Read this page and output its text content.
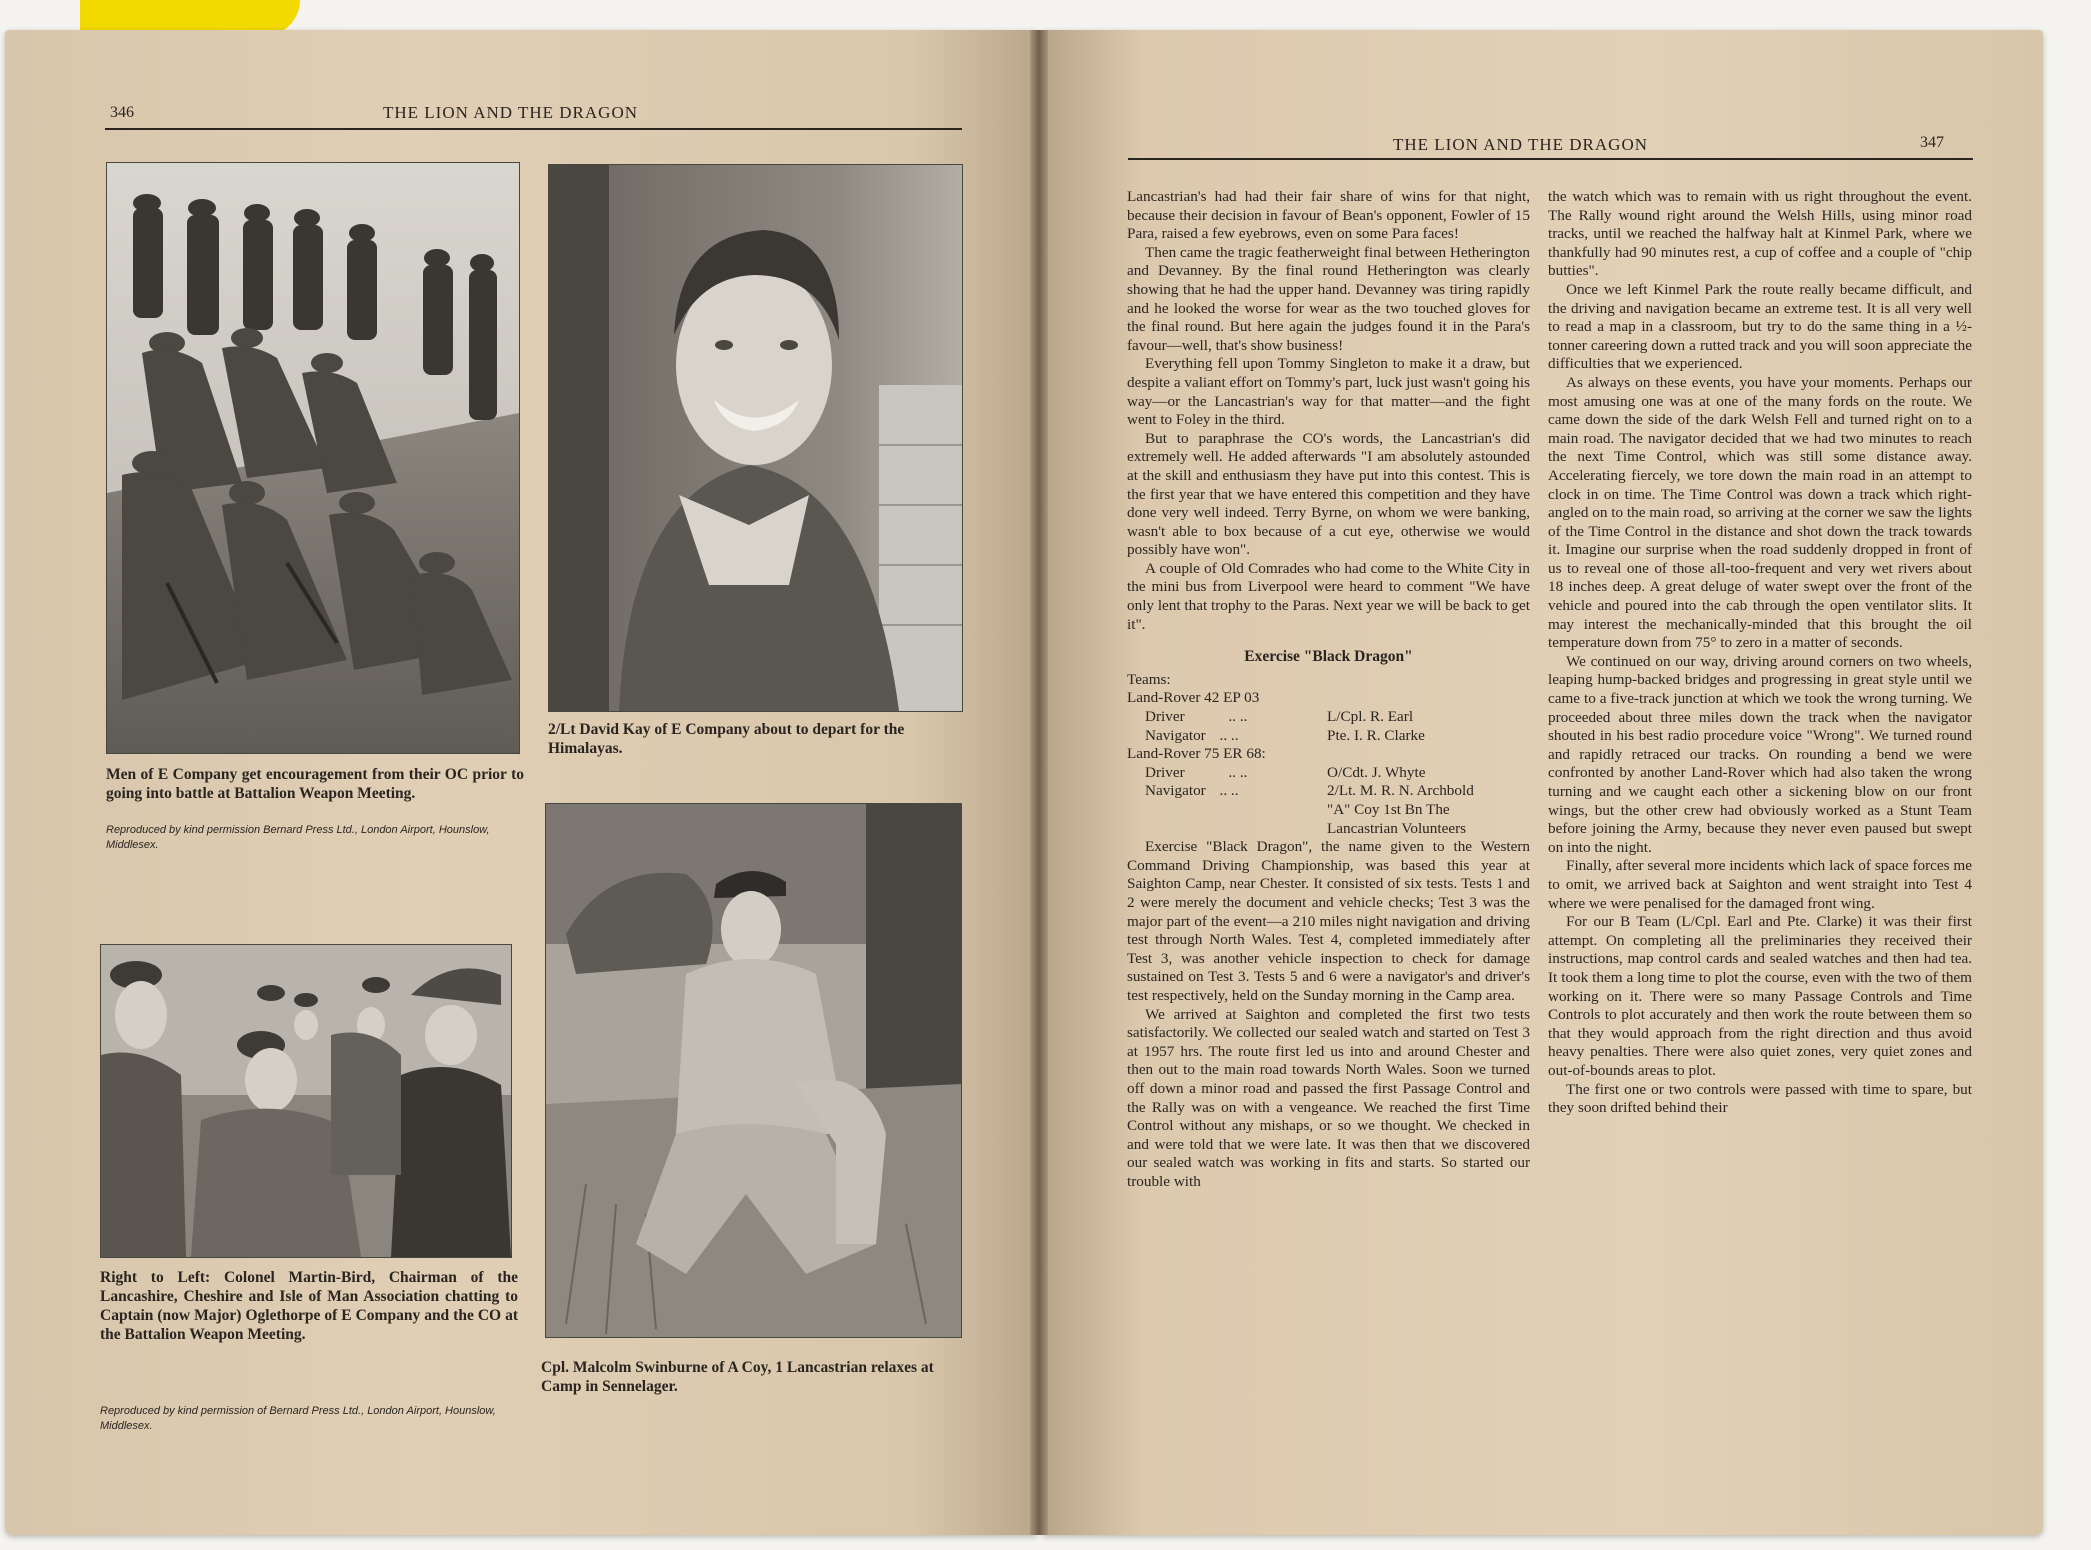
346	THE LION AND THE DRAGON
Men of E Company get encouragement from their OC prior to going into battle at Battalion Weapon Meeting.
Reproduced by kind permission Bernard Press Ltd., London Airport, Hounslow, Middlesex.
2/Lt David Kay of E Company about to depart for the Himalayas.
Right to Left: Colonel Martin-Bird, Chairman of the Lancashire, Cheshire and Isle of Man Association chatting to Captain (now Major) Oglethorpe of E Company and the CO at the Battalion Weapon Meeting.
Reproduced by kind permission of Bernard Press Ltd., London Airport, Hounslow, Middlesex.
Cpl. Malcolm Swinburne of A Coy, 1 Lancastrian relaxes at Camp in Sennelager.
THE LION AND THE DRAGON	347

Lancastrian's had had their fair share of wins for that night, because their decision in favour of Bean's opponent, Fowler of 15 Para, raised a few eyebrows, even on some Para faces!

Then came the tragic featherweight final between Hetherington and Devanney. By the final round Hetherington was clearly showing that he had the upper hand. Devanney was tiring rapidly and he looked the worse for wear as the two touched gloves for the final round. But here again the judges found it in the Para's favour—well, that's show business!

Everything fell upon Tommy Singleton to make it a draw, but despite a valiant effort on Tommy's part, luck just wasn't going his way—or the Lancastrian's way for that matter—and the fight went to Foley in the third.

But to paraphrase the CO's words, the Lancastrian's did extremely well. He added afterwards "I am absolutely astounded at the skill and enthusiasm they have put into this contest. This is the first year that we have entered this competition and they have done very well indeed. Terry Byrne, on whom we were banking, wasn't able to box because of a cut eye, otherwise we would possibly have won".

A couple of Old Comrades who had come to the White City in the mini bus from Liverpool were heard to comment "We have only lent that trophy to the Paras. Next year we will be back to get it".

Exercise "Black Dragon"
Teams:
Land-Rover 42 EP 03
Driver	.. ..	L/Cpl. R. Earl
Navigator .. ..	Pte. I. R. Clarke
Land-Rover 75 ER 68:
Driver	.. ..	O/Cdt. J. Whyte
Navigator .. ..	2/Lt. M. R. N. Archbold
"A" Coy 1st Bn The
Lancastrian Volunteers

Exercise "Black Dragon", the name given to the Western Command Driving Championship, was based this year at Saighton Camp, near Chester. It consisted of six tests. Tests 1 and 2 were merely the document and vehicle checks; Test 3 was the major part of the event—a 210 miles night navigation and driving test through North Wales. Test 4, completed immediately after Test 3, was another vehicle inspection to check for damage sustained on Test 3. Tests 5 and 6 were a navigator's and driver's test respectively, held on the Sunday morning in the Camp area.

We arrived at Saighton and completed the first two tests satisfactorily. We collected our sealed watch and started on Test 3 at 1957 hrs. The route first led us into and around Chester and then out to the main road towards North Wales. Soon we turned off down a minor road and passed the first Passage Control and the Rally was on with a vengeance. We reached the first Time Control without any mishaps, or so we thought. We checked in and were told that we were late. It was then that we discovered our sealed watch was working in fits and starts. So started our trouble with

the watch which was to remain with us right throughout the event. The Rally wound right around the Welsh Hills, using minor road tracks, until we reached the halfway halt at Kinmel Park, where we thankfully had 90 minutes rest, a cup of coffee and a couple of "chip butties".

Once we left Kinmel Park the route really became difficult, and the driving and navigation became an extreme test. It is all very well to read a map in a classroom, but try to do the same thing in a ½-tonner careering down a rutted track and you will soon appreciate the difficulties that we experienced.

As always on these events, you have your moments. Perhaps our most amusing one was at one of the many fords on the route. We came down the side of the dark Welsh Fell and turned right on to a main road. The navigator decided that we had two minutes to reach the next Time Control, which was still some distance away. Accelerating fiercely, we tore down the main road in an attempt to clock in on time. The Time Control was down a track which right-angled on to the main road, so arriving at the corner we saw the lights of the Time Control in the distance and shot down the track towards it. Imagine our surprise when the road suddenly dropped in front of us to reveal one of those all-too-frequent and very wet rivers about 18 inches deep. A great deluge of water swept over the front of the vehicle and poured into the cab through the open ventilator slits. It may interest the mechanically-minded that this brought the oil temperature down from 75° to zero in a matter of seconds.

We continued on our way, driving around corners on two wheels, leaping hump-backed bridges and progressing in great style until we came to a five-track junction at which we took the wrong turning. We proceeded about three miles down the track when the navigator shouted in his best radio procedure voice "Wrong". We turned round and rapidly retraced our tracks. On rounding a bend we were confronted by another Land-Rover which had also taken the wrong turning and we caught each other a sickening blow on our front wings, but the other crew had obviously worked as a Stunt Team before joining the Army, because they never even paused but swept on into the night.

Finally, after several more incidents which lack of space forces me to omit, we arrived back at Saighton and went straight into Test 4 where we were penalised for the damaged front wing.

For our B Team (L/Cpl. Earl and Pte. Clarke) it was their first attempt. On completing all the preliminaries they received their instructions, map control cards and sealed watches and then had tea. It took them a long time to plot the course, even with the two of them working on it. There were so many Passage Controls and Time Controls to plot accurately and then work the route between them so that they would approach from the right direction and thus avoid heavy penalties. There were also quiet zones, very quiet zones and out-of-bounds areas to plot.

The first one or two controls were passed with time to spare, but they soon drifted behind their
